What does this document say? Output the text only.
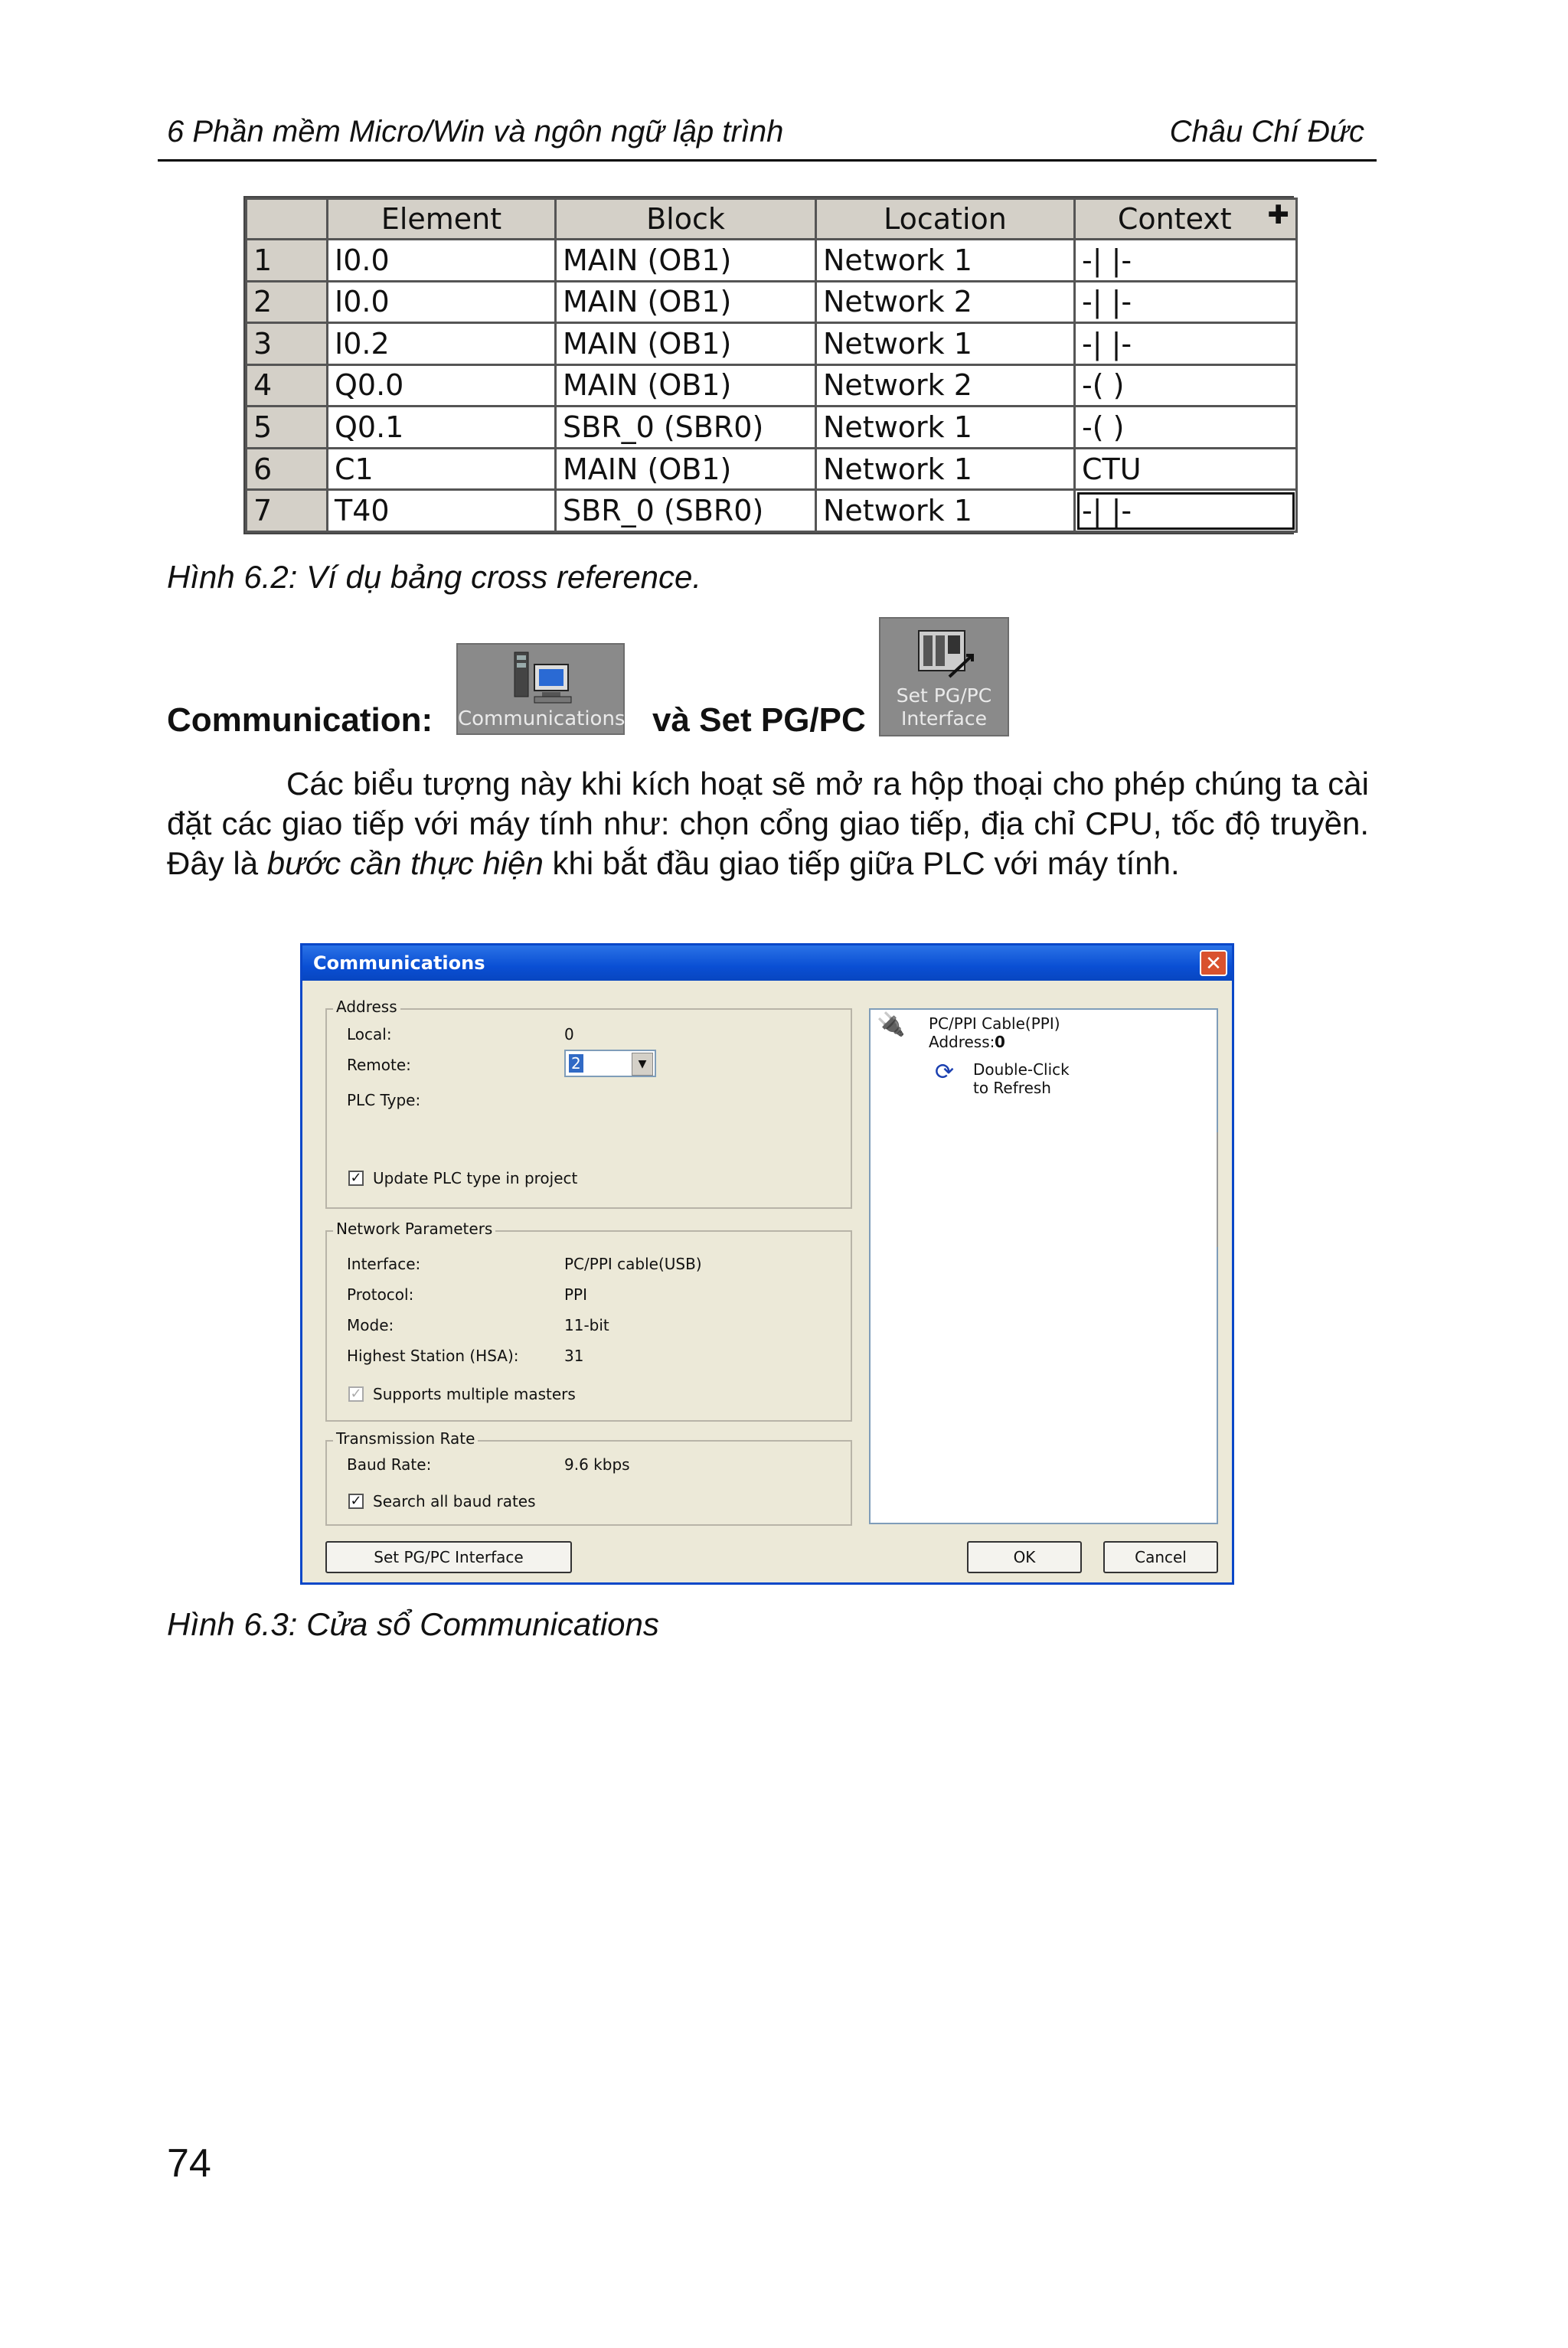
6 Phần mềm Micro/Win và ngôn ngữ lập trình	Châu Chí Đức
	Element	Block	Location	Context ✚

1	I0.0	MAIN (OB1)	Network 1	-| |-
2	I0.0	MAIN (OB1)	Network 2	-| |-
3	I0.2	MAIN (OB1)	Network 1	-| |-
4	Q0.0	MAIN (OB1)	Network 2	-( )
5	Q0.1	SBR_0 (SBR0)	Network 1	-( )
6	C1	MAIN (OB1)	Network 1	CTU
7	T40	SBR_0 (SBR0)	Network 1	-| |-
Hình 6.2: Ví dụ bảng cross reference.
Communication: Communications và Set PG/PC
Set PG/PC
Interface
Các biểu tượng này khi kích hoạt sẽ mở ra hộp thoại cho phép chúng ta cài đặt các giao tiếp với máy tính như: chọn cổng giao tiếp, địa chỉ CPU, tốc độ truyền. Đây là bước cần thực hiện khi bắt đầu giao tiếp giữa PLC với máy tính.
Communications	✕
Address
Local:	0
Remote:	2	▼
PLC Type:
✓ Update PLC type in project
Network Parameters
Interface:	PC/PPI cable(USB)
Protocol:	PPI
Mode:	11-bit
Highest Station (HSA):	31
✓ Supports multiple masters
Transmission Rate
Baud Rate:	9.6 kbps
✓ Search all baud rates
🔌 PC/PPI Cable(PPI)
Address: 0
⟳ Double-Click
to Refresh
Set PG/PC Interface	OK	Cancel
Hình 6.3: Cửa sổ Communications
74
